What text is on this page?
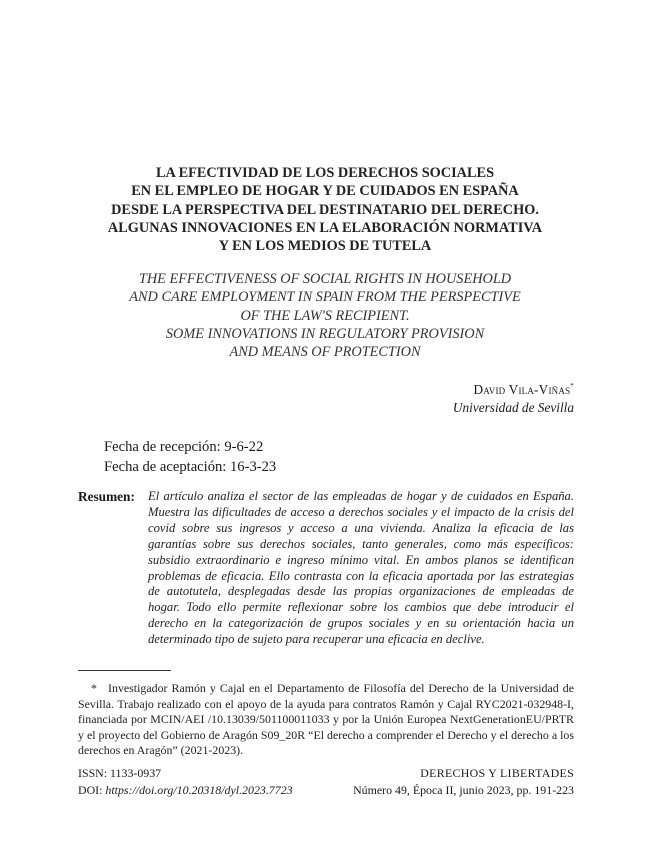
LA EFECTIVIDAD DE LOS DERECHOS SOCIALES
EN EL EMPLEO DE HOGAR Y DE CUIDADOS EN ESPAÑA
DESDE LA PERSPECTIVA DEL DESTINATARIO DEL DERECHO.
ALGUNAS INNOVACIONES EN LA ELABORACIÓN NORMATIVA
Y EN LOS MEDIOS DE TUTELA
THE EFFECTIVENESS OF SOCIAL RIGHTS IN HOUSEHOLD
AND CARE EMPLOYMENT IN SPAIN FROM THE PERSPECTIVE
OF THE LAW'S RECIPIENT.
SOME INNOVATIONS IN REGULATORY PROVISION
AND MEANS OF PROTECTION
David Vila-Viñas*
Universidad de Sevilla
Fecha de recepción: 9-6-22
Fecha de aceptación: 16-3-23
Resumen: El artículo analiza el sector de las empleadas de hogar y de cuidados en España. Muestra las dificultades de acceso a derechos sociales y el impacto de la crisis del covid sobre sus ingresos y acceso a una vivienda. Analiza la eficacia de las garantías sobre sus derechos sociales, tanto generales, como más específicos: subsidio extraordinario e ingreso mínimo vital. En ambos planos se identifican problemas de eficacia. Ello contrasta con la eficacia aportada por las estrategias de autotutela, desplegadas desde las propias organizaciones de empleadas de hogar. Todo ello permite reflexionar sobre los cambios que debe introducir el derecho en la categorización de grupos sociales y en su orientación hacia un determinado tipo de sujeto para recuperar una eficacia en declive.
* Investigador Ramón y Cajal en el Departamento de Filosofía del Derecho de la Universidad de Sevilla. Trabajo realizado con el apoyo de la ayuda para contratos Ramón y Cajal RYC2021-032948-I, financiada por MCIN/AEI /10.13039/501100011033 y por la Unión Europea NextGenerationEU/PRTR y el proyecto del Gobierno de Aragón S09_20R “El derecho a comprender el Derecho y el derecho a los derechos en Aragón” (2021-2023).
ISSN: 1133-0937
DOI: https://doi.org/10.20318/dyl.2023.7723
DERECHOS Y LIBERTADES
Número 49, Época II, junio 2023, pp. 191-223
